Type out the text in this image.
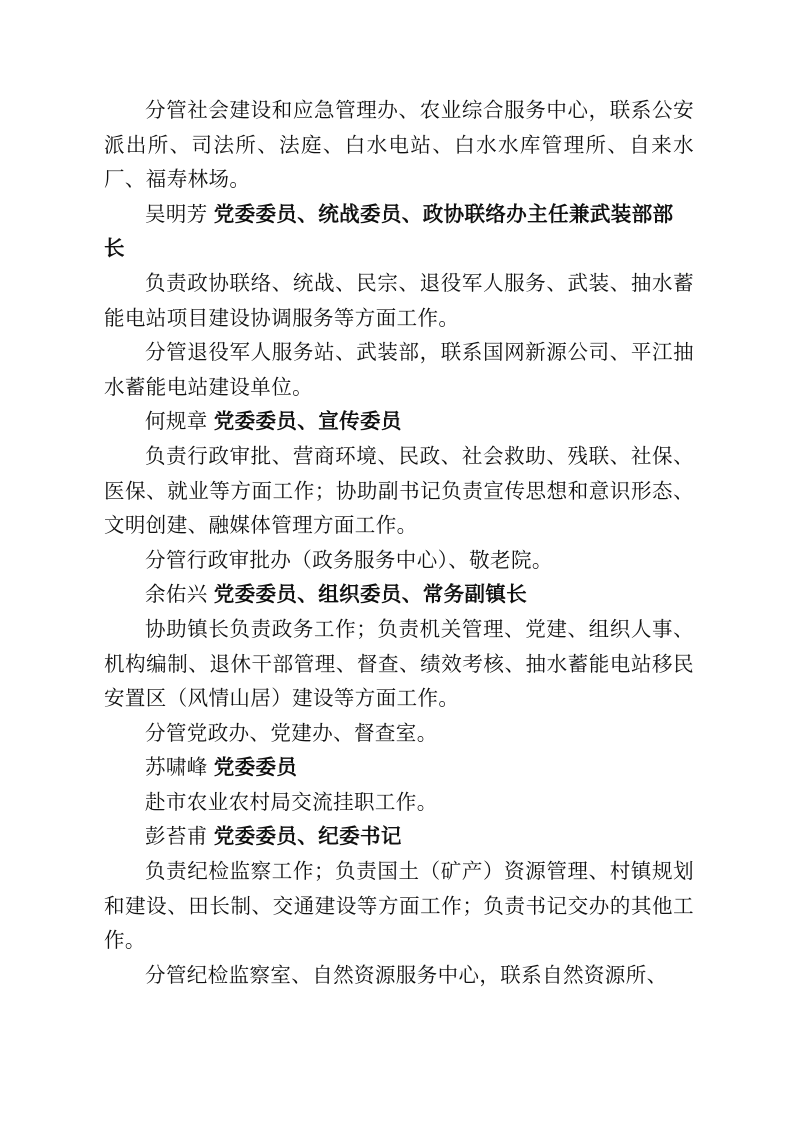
分管社会建设和应急管理办、农业综合服务中心，联系公安派出所、司法所、法庭、白水电站、白水水库管理所、自来水厂、福寿林场。

吴明芳 党委委员、统战委员、政协联络办主任兼武装部部长

负责政协联络、统战、民宗、退役军人服务、武装、抽水蓄能电站项目建设协调服务等方面工作。

分管退役军人服务站、武装部，联系国网新源公司、平江抽水蓄能电站建设单位。

何规章 党委委员、宣传委员

负责行政审批、营商环境、民政、社会救助、残联、社保、医保、就业等方面工作；协助副书记负责宣传思想和意识形态、文明创建、融媒体管理方面工作。

分管行政审批办（政务服务中心）、敬老院。

余佑兴 党委委员、组织委员、常务副镇长

协助镇长负责政务工作；负责机关管理、党建、组织人事、机构编制、退休干部管理、督查、绩效考核、抽水蓄能电站移民安置区（风情山居）建设等方面工作。

分管党政办、党建办、督查室。

苏啸峰 党委委员

赴市农业农村局交流挂职工作。

彭苔甫 党委委员、纪委书记

负责纪检监察工作；负责国土（矿产）资源管理、村镇规划和建设、田长制、交通建设等方面工作；负责书记交办的其他工作。

分管纪检监察室、自然资源服务中心，联系自然资源所、
